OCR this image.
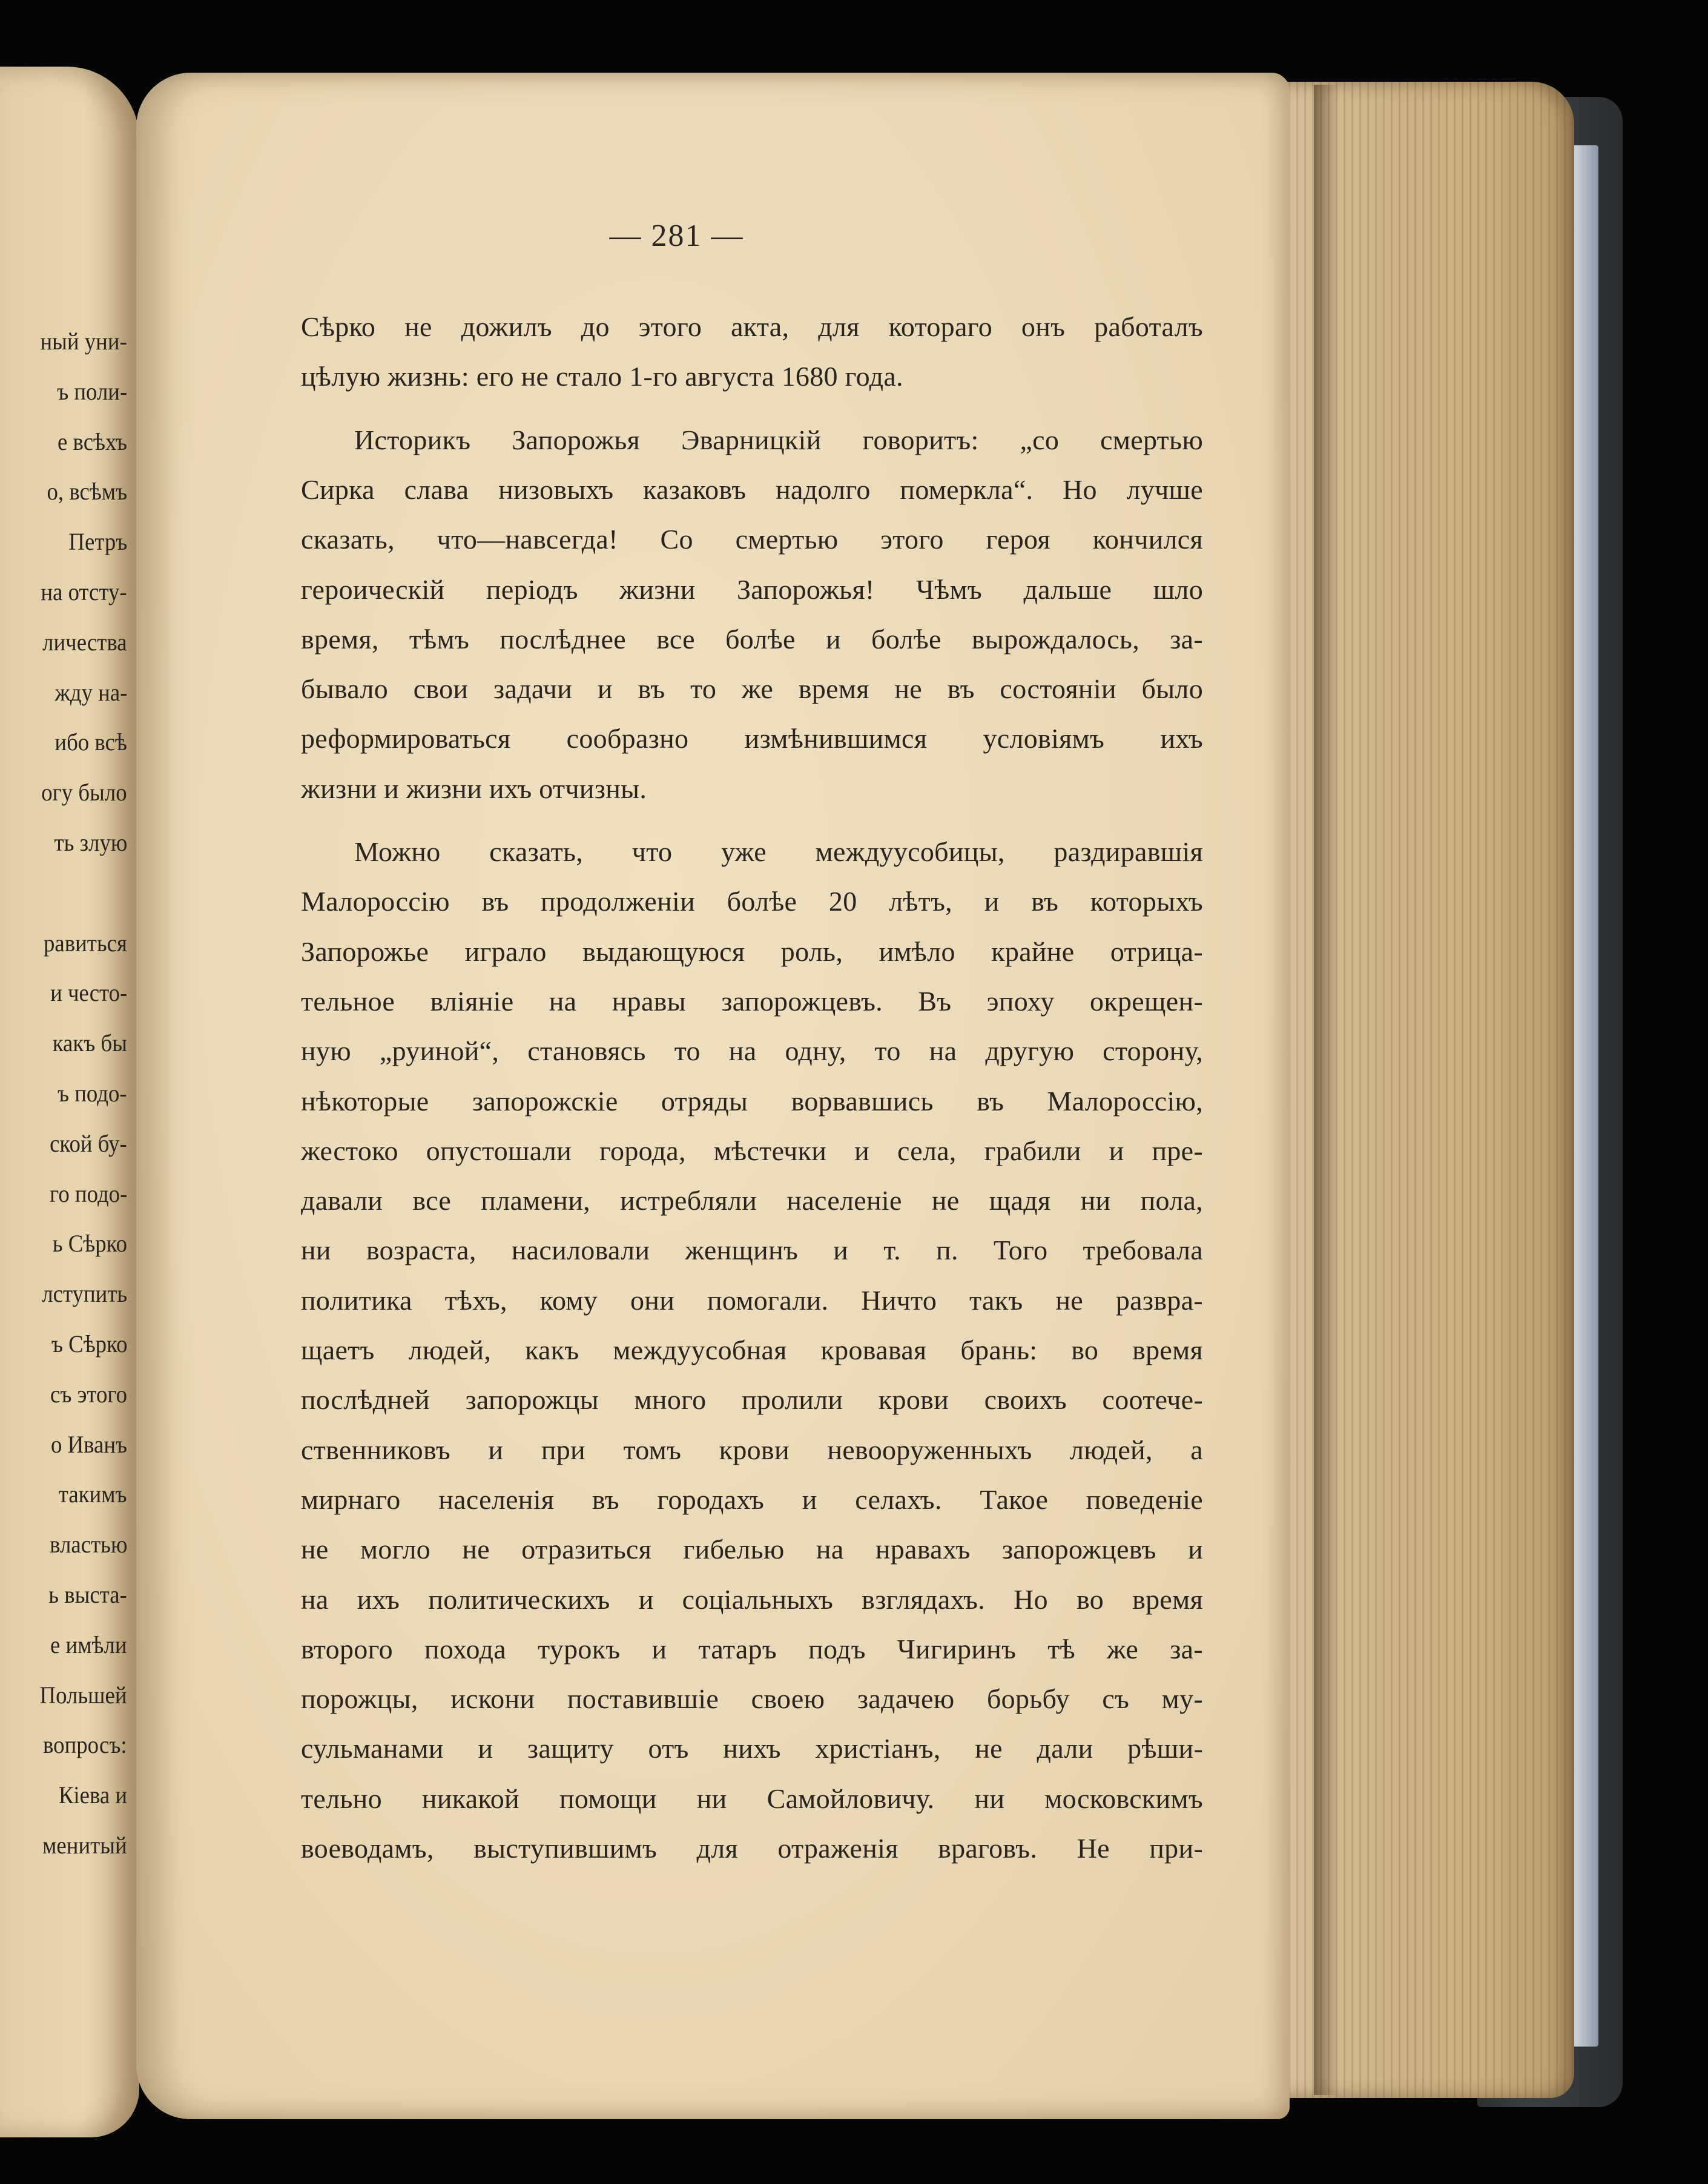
ный уни-
ъ поли-
е всѣхъ
о, всѣмъ
Петръ
на отсту-
личества
жду на-
ибо всѣ
огу было
ть злую
равиться
и често-
какъ бы
ъ подо-
ской бу-
го подо-
ь Сѣрко
лступить
ъ Сѣрко
съ этого
о Иванъ
такимъ
властью
ь выста-
е имѣли
Польшей
вопросъ:
Кіева и
менитый
— 281 —
Сѣрко не дожилъ до этого акта, для котораго онъ работалъ
цѣлую жизнь: его не стало 1-го августа 1680 года.
Историкъ Запорожья Эварницкій говоритъ: „со смертью
Сирка слава низовыхъ казаковъ надолго померкла“. Но лучше
сказать, что—навсегда! Со смертью этого героя кончился
героическій періодъ жизни Запорожья! Чѣмъ дальше шло
время, тѣмъ послѣднее все болѣе и болѣе вырождалось, за-
бывало свои задачи и въ то же время не въ состояніи было
реформироваться сообразно измѣнившимся условіямъ ихъ
жизни и жизни ихъ отчизны.
Можно сказать, что уже междуусобицы, раздиравшія
Малороссію въ продолженіи болѣе 20 лѣтъ, и въ которыхъ
Запорожье играло выдающуюся роль, имѣло крайне отрица-
тельное вліяніе на нравы запорожцевъ. Въ эпоху окрещен-
ную „руиной“, становясь то на одну, то на другую сторону,
нѣкоторые запорожскіе отряды ворвавшись въ Малороссію,
жестоко опустошали города, мѣстечки и села, грабили и пре-
давали все пламени, истребляли населеніе не щадя ни пола,
ни возраста, насиловали женщинъ и т. п. Того требовала
политика тѣхъ, кому они помогали. Ничто такъ не развра-
щаетъ людей, какъ междуусобная кровавая брань: во время
послѣдней запорожцы много пролили крови своихъ соотече-
ственниковъ и при томъ крови невооруженныхъ людей, а
мирнаго населенія въ городахъ и селахъ. Такое поведеніе
не могло не отразиться гибелью на нравахъ запорожцевъ и
на ихъ политическихъ и соціальныхъ взглядахъ. Но во время
второго похода турокъ и татаръ подъ Чигиринъ тѣ же за-
порожцы, искони поставившіе своею задачею борьбу съ му-
сульманами и защиту отъ нихъ христіанъ, не дали рѣши-
тельно никакой помощи ни Самойловичу. ни московскимъ
воеводамъ, выступившимъ для отраженія враговъ. Не при-
